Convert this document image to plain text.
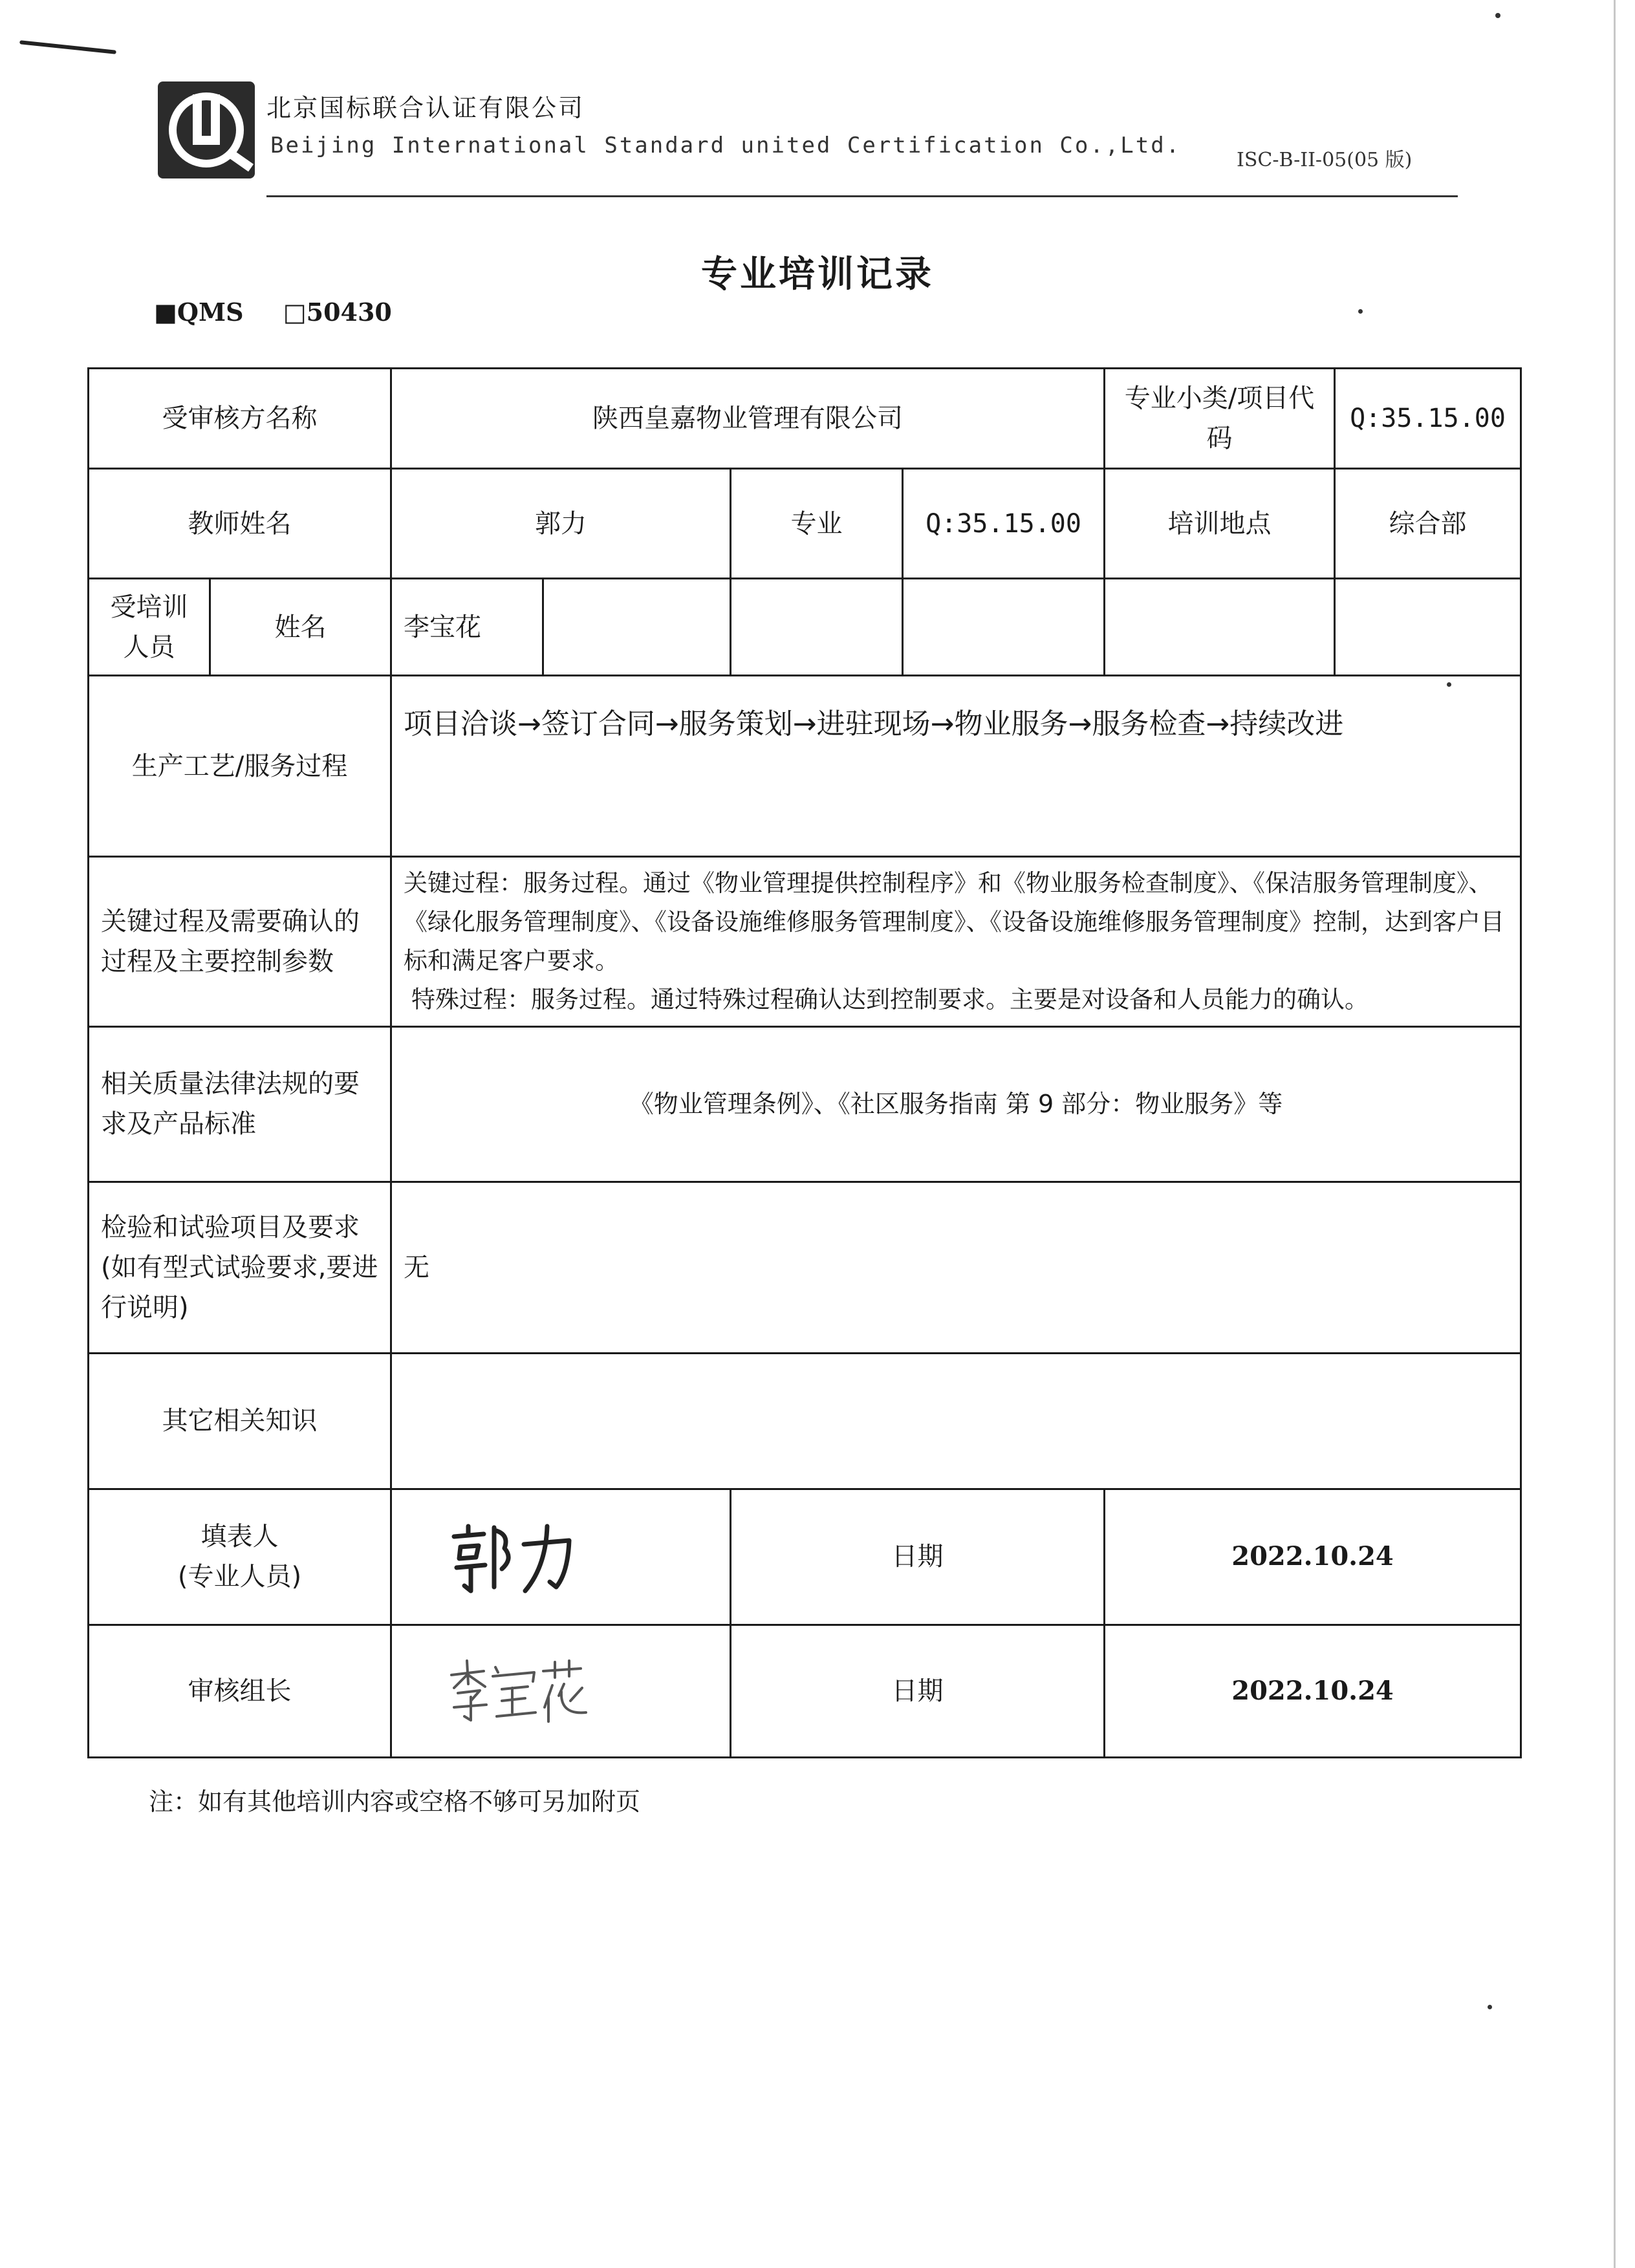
北京国标联合认证有限公司
Beijing International Standard united Certification Co.,Ltd.
ISC-B-II-05(05 版)
专业培训记录
■QMS □50430
受审核方名称		陕西皇嘉物业管理有限公司				专业小类/项目代码	Q:35.15.00
教师姓名		郭力		专业	Q:35.15.00	培训地点	综合部
受培训人员	姓名	李宝花					
生产工艺/服务过程		项目洽谈→签订合同→服务策划→进驻现场→物业服务→服务检查→持续改进					
关键过程及需要确认的过程及主要控制参数		关键过程：服务过程。通过《物业管理提供控制程序》和《物业服务检查制度》、《保洁服务管理制度》、《绿化服务管理制度》、《设备设施维修服务管理制度》、《设备设施维修服务管理制度》控制，达到客户目标和满足客户要求。
特殊过程：服务过程。通过特殊过程确认达到控制要求。主要是对设备和人员能力的确认。					

相关质量法律法规的要求及产品标准		《物业管理条例》、《社区服务指南 第 9 部分：物业服务》等					
检验和试验项目及要求(如有型式试验要求,要进行说明)		无					
其它相关知识							

填表人
(专业人员)				日期		2022.10.24	
审核组长				日期		2022.10.24	
注：如有其他培训内容或空格不够可另加附页
